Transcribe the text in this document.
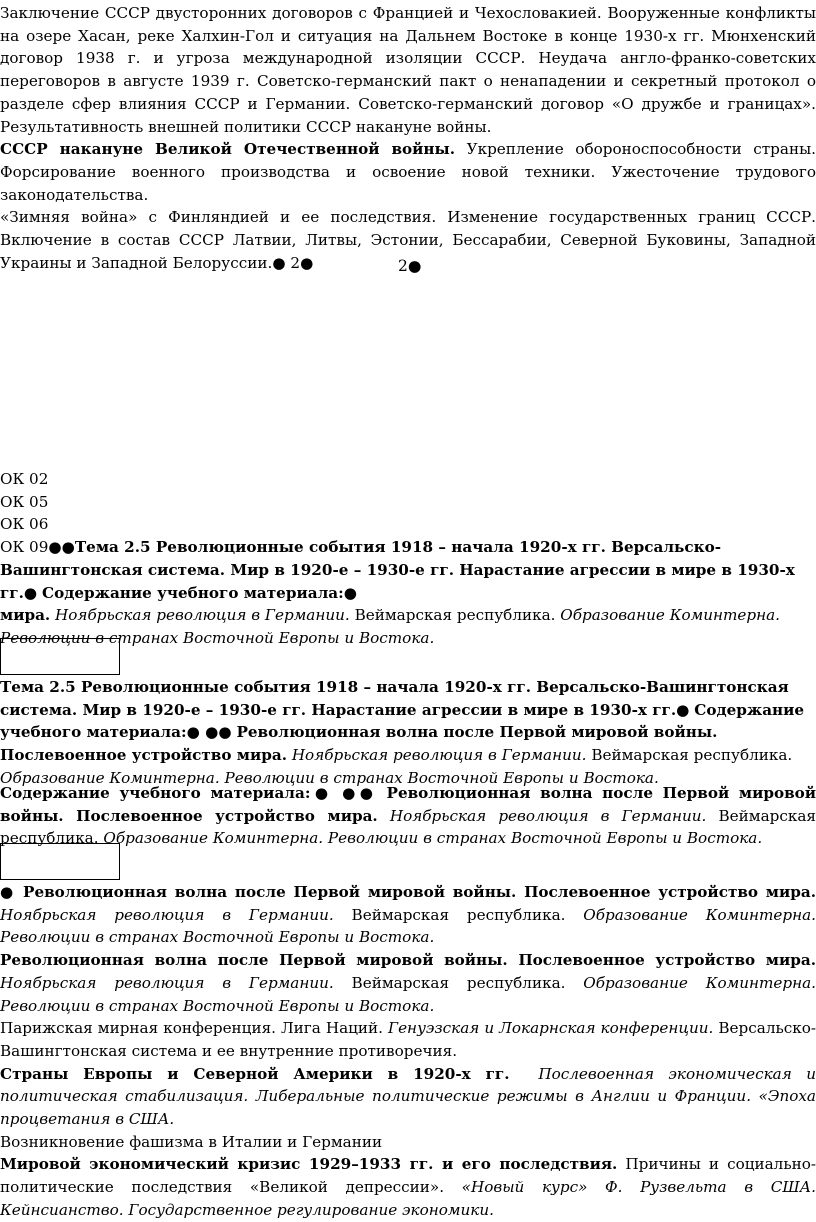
Заключение СССР двусторонних договоров с Францией и Чехословакией. Вооруженные конфликты на озере Хасан, реке Халхин-Гол и ситуация на Дальнем Востоке в конце 1930-х гг. Мюнхенский договор 1938 г. и угроза международной изоляции СССР. Неудача англо-франко-советских переговоров в августе 1939 г. Советско-германский пакт о ненападении и секретный протокол о разделе сфер влияния СССР и Германии. Советско-германский договор «О дружбе и границах». Результативность внешней политики СССР накануне войны.

СССР накануне Великой Отечественной войны. Укрепление обороноспособности страны. Форсирование военного производства и освоение новой техники. Ужесточение трудового законодательства.

«Зимняя война» с Финляндией и ее последствия. Изменение государственных границ СССР. Включение в состав СССР Латвии, Литвы, Эстонии, Бессарабии, Северной Буковины, Западной Украины и Западной Белоруссии.● 2●	2●

ОК 02

ОК 05

ОК 06

ОК 09●●Тема 2.5 Революционные события 1918 – начала 1920-х гг. Версальско-Вашингтонская система. Мир в 1920-е – 1930-е гг. Нарастание агрессии в мире в 1930-х гг.● Содержание учебного материала:●

мира. Ноябрьская революция в Германии. Веймарская республика. Образование Коминтерна. Революции в странах Восточной Европы и Востока.

Тема 2.5 Революционные события 1918 – начала 1920-х гг. Версальско-Вашингтонская система. Мир в 1920-е – 1930-е гг. Нарастание агрессии в мире в 1930-х гг.● Содержание учебного материала:● ●● Революционная волна после Первой мировой войны. Послевоенное устройство мира. Ноябрьская революция в Германии. Веймарская республика. Образование Коминтерна. Революции в странах Восточной Европы и Востока.

Содержание учебного материала:● ●● Революционная волна после Первой мировой войны. Послевоенное устройство мира. Ноябрьская революция в Германии. Веймарская республика. Образование Коминтерна. Революции в странах Восточной Европы и Востока.

● Революционная волна после Первой мировой войны. Послевоенное устройство мира. Ноябрьская революция в Германии. Веймарская республика. Образование Коминтерна. Революции в странах Восточной Европы и Востока.

Революционная волна после Первой мировой войны. Послевоенное устройство мира. Ноябрьская революция в Германии. Веймарская республика. Образование Коминтерна. Революции в странах Восточной Европы и Востока.

Парижская мирная конференция. Лига Наций. Генуэзская и Локарнская конференции. Версальско-Вашингтонская система и ее внутренние противоречия.

Страны Европы и Северной Америки в 1920-х гг. Послевоенная экономическая и политическая стабилизация. Либеральные политические режимы в Англии и Франции. «Эпоха процветания в США.

Возникновение фашизма в Италии и Германии

Мировой экономический кризис 1929–1933 гг. и его последствия. Причины и социально-политические последствия «Великой депрессии». «Новый курс» Ф. Рузвельта в США. Кейнсианство. Государственное регулирование экономики.
